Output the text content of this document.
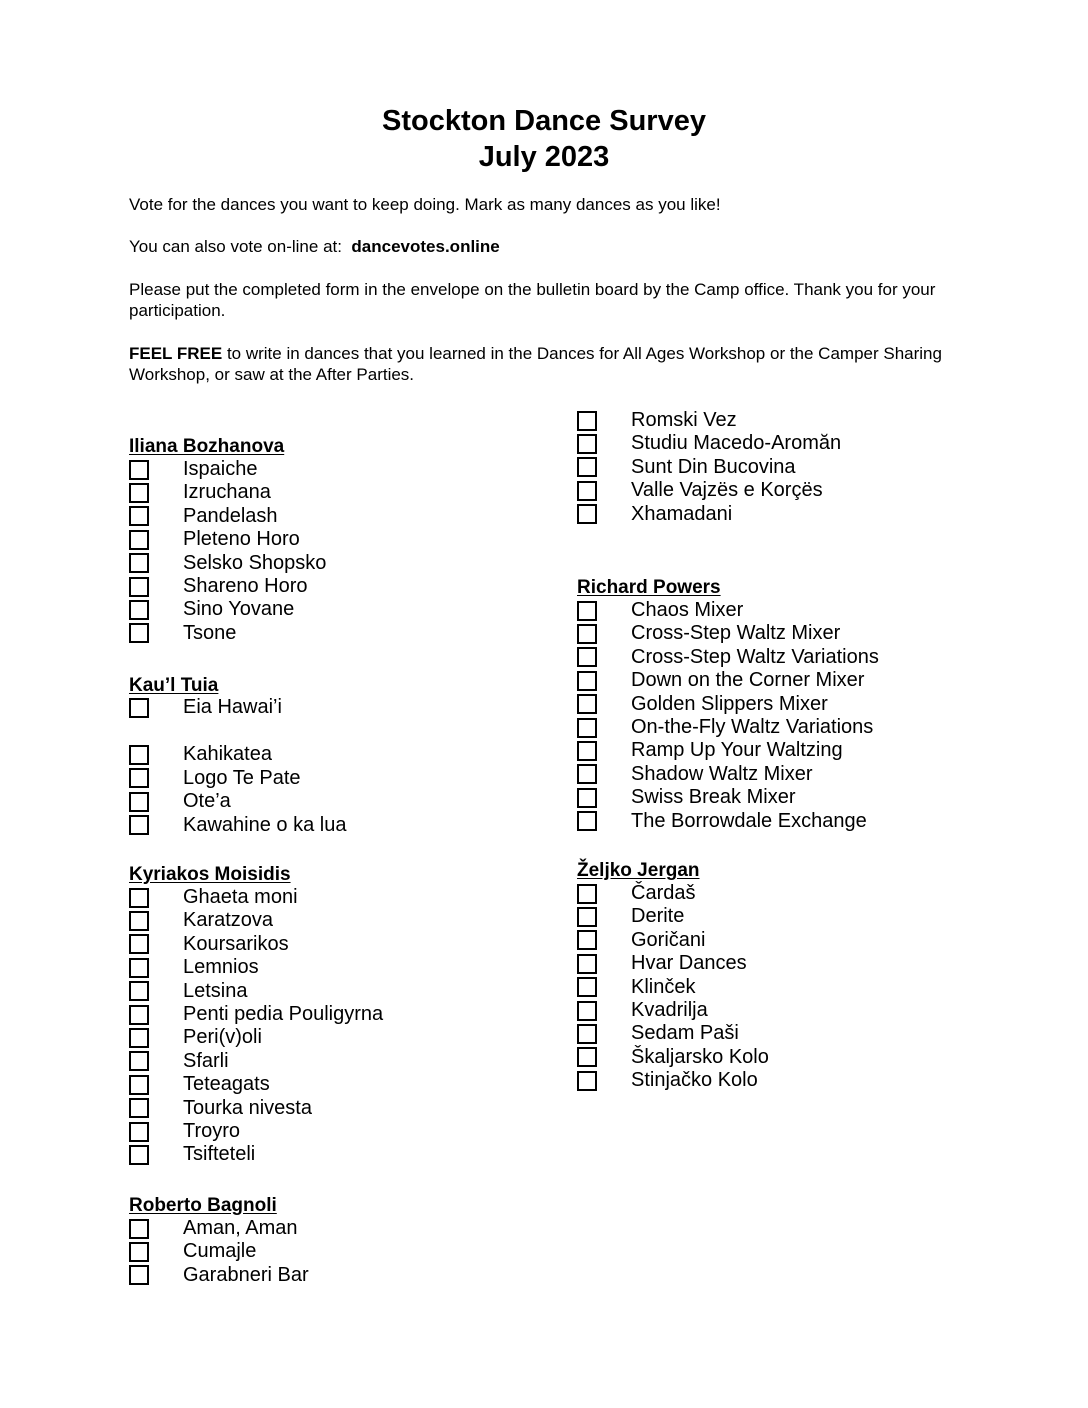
Stockton Dance Survey
July 2023

Vote for the dances you want to keep doing. Mark as many dances as you like!

You can also vote on-line at: dancevotes.online

Please put the completed form in the envelope on the bulletin board by the Camp office. Thank you for your participation.

FEEL FREE to write in dances that you learned in the Dances for All Ages Workshop or the Camper Sharing Workshop, or saw at the After Parties.

Iliana Bozhanova
Kau’l Tuia
Kyriakos Moisidis
Roberto Bagnoli
Richard Powers
Željko Jergan
Ispaiche
Izruchana
Pandelash
Pleteno Horo
Selsko Shopsko
Shareno Horo
Sino Yovane
Tsone
Eia Hawai’i
Kahikatea
Logo Te Pate
Ote’a
Kawahine o ka lua
Ghaeta moni
Karatzova
Koursarikos
Lemnios
Letsina
Penti pedia Pouligyrna
Peri(v)oli
Sfarli
Teteagats
Tourka nivesta
Troyro
Tsifteteli
Aman, Aman
Cumajle
Garabneri Bar
Romski Vez
Studiu Macedo-Aromăn
Sunt Din Bucovina
Valle Vajzës e Korçës
Xhamadani
Chaos Mixer
Cross-Step Waltz Mixer
Cross-Step Waltz Variations
Down on the Corner Mixer
Golden Slippers Mixer
On-the-Fly Waltz Variations
Ramp Up Your Waltzing
Shadow Waltz Mixer
Swiss Break Mixer
The Borrowdale Exchange
Čardaš
Derite
Goričani
Hvar Dances
Klinček
Kvadrilja
Sedam Paši
Škaljarsko Kolo
Stinjačko Kolo
